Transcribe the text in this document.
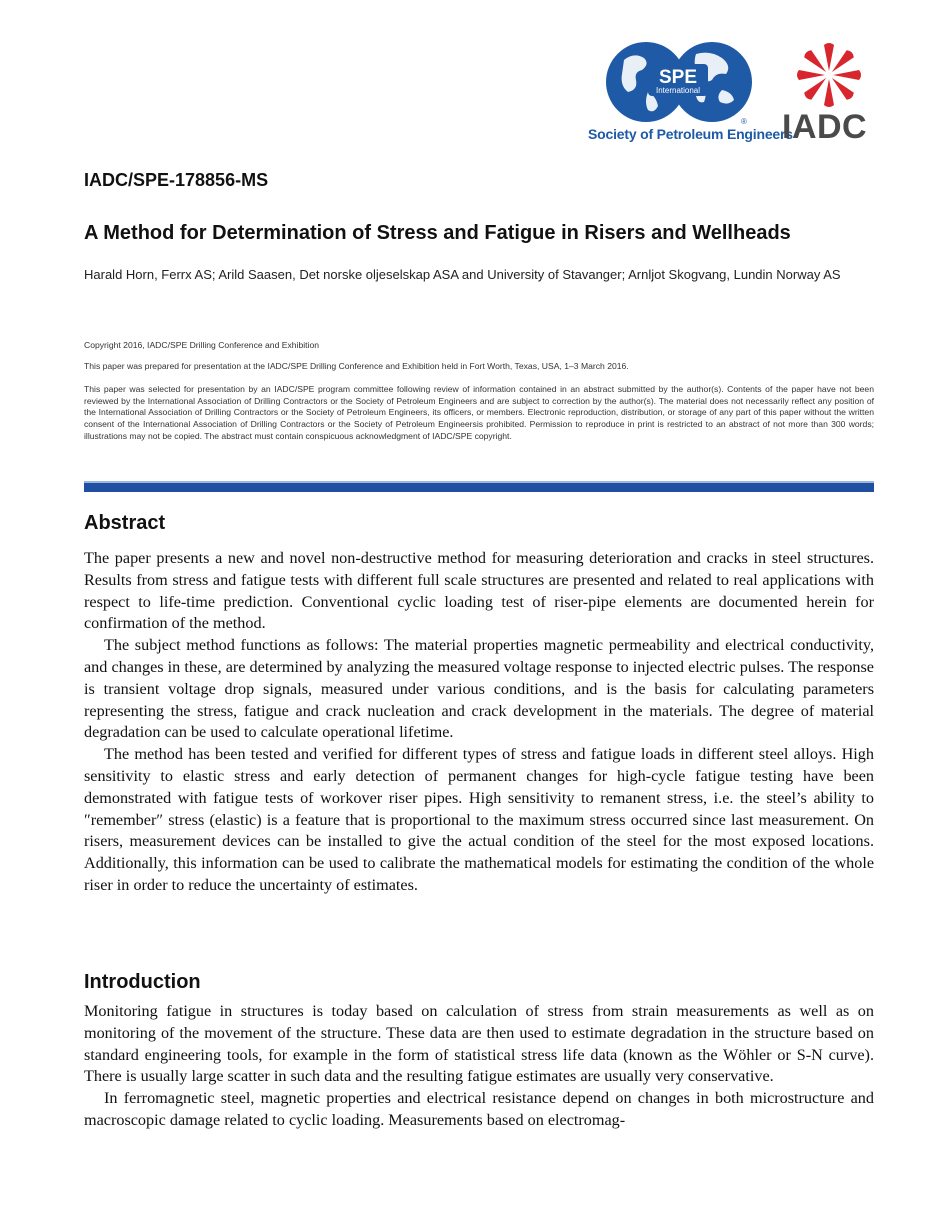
SPE
International
®
Society of Petroleum Engineers
IADC
IADC/SPE-178856-MS
A Method for Determination of Stress and Fatigue in Risers and Wellheads
Harald Horn, Ferrx AS; Arild Saasen, Det norske oljeselskap ASA and University of Stavanger; Arnljot Skogvang, Lundin Norway AS
Copyright 2016, IADC/SPE Drilling Conference and Exhibition
This paper was prepared for presentation at the IADC/SPE Drilling Conference and Exhibition held in Fort Worth, Texas, USA, 1–3 March 2016.
This paper was selected for presentation by an IADC/SPE program committee following review of information contained in an abstract submitted by the author(s). Contents of the paper have not been reviewed by the International Association of Drilling Contractors or the Society of Petroleum Engineers and are subject to correction by the author(s). The material does not necessarily reflect any position of the International Association of Drilling Contractors or the Society of Petroleum Engineers, its officers, or members. Electronic reproduction, distribution, or storage of any part of this paper without the written consent of the International Association of Drilling Contractors or the Society of Petroleum Engineersis prohibited. Permission to reproduce in print is restricted to an abstract of not more than 300 words; illustrations may not be copied. The abstract must contain conspicuous acknowledgment of IADC/SPE copyright.
Abstract

The paper presents a new and novel non-destructive method for measuring deterioration and cracks in steel structures. Results from stress and fatigue tests with different full scale structures are presented and related to real applications with respect to life-time prediction. Conventional cyclic loading test of riser-pipe elements are documented herein for confirmation of the method.

The subject method functions as follows: The material properties magnetic permeability and electrical conductivity, and changes in these, are determined by analyzing the measured voltage response to injected electric pulses. The response is transient voltage drop signals, measured under various conditions, and is the basis for calculating parameters representing the stress, fatigue and crack nucleation and crack development in the materials. The degree of material degradation can be used to calculate operational lifetime.

The method has been tested and verified for different types of stress and fatigue loads in different steel alloys. High sensitivity to elastic stress and early detection of permanent changes for high-cycle fatigue testing have been demonstrated with fatigue tests of workover riser pipes. High sensitivity to remanent stress, i.e. the steel’s ability to ″remember″ stress (elastic) is a feature that is proportional to the maximum stress occurred since last measurement. On risers, measurement devices can be installed to give the actual condition of the steel for the most exposed locations. Additionally, this information can be used to calibrate the mathematical models for estimating the condition of the whole riser in order to reduce the uncertainty of estimates.

Introduction

Monitoring fatigue in structures is today based on calculation of stress from strain measurements as well as on monitoring of the movement of the structure. These data are then used to estimate degradation in the structure based on standard engineering tools, for example in the form of statistical stress life data (known as the Wöhler or S-N curve). There is usually large scatter in such data and the resulting fatigue estimates are usually very conservative.

In ferromagnetic steel, magnetic properties and electrical resistance depend on changes in both microstructure and macroscopic damage related to cyclic loading. Measurements based on electromag-
